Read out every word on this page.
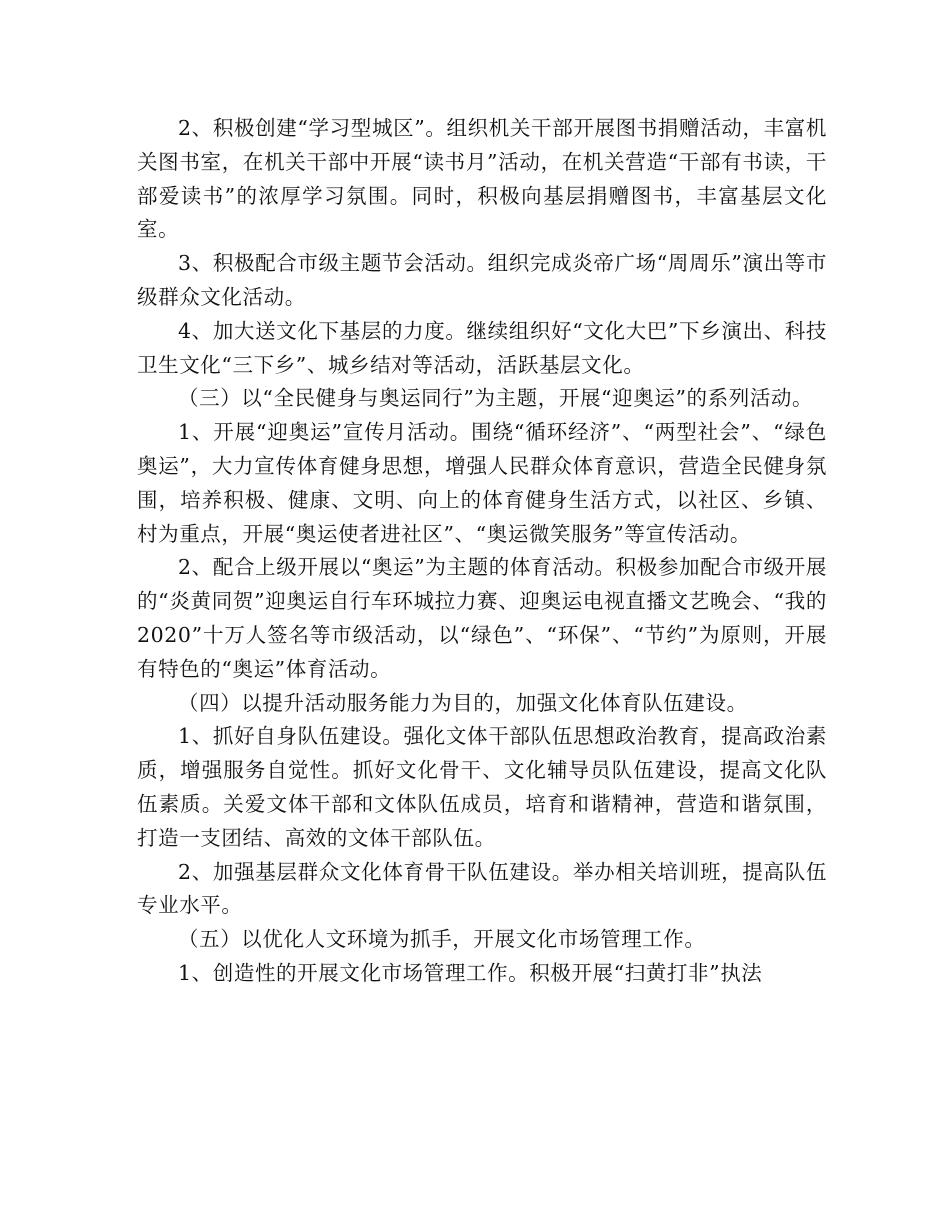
2、积极创建“学习型城区”。组织机关干部开展图书捐赠活动，丰富机关图书室，在机关干部中开展“读书月”活动，在机关营造“干部有书读，干部爱读书”的浓厚学习氛围。同时，积极向基层捐赠图书，丰富基层文化室。

3、积极配合市级主题节会活动。组织完成炎帝广场“周周乐”演出等市级群众文化活动。

4、加大送文化下基层的力度。继续组织好“文化大巴”下乡演出、科技卫生文化“三下乡”、城乡结对等活动，活跃基层文化。

（三）以“全民健身与奥运同行”为主题，开展“迎奥运”的系列活动。

1、开展“迎奥运”宣传月活动。围绕“循环经济”、“两型社会”、“绿色奥运”，大力宣传体育健身思想，增强人民群众体育意识，营造全民健身氛围，培养积极、健康、文明、向上的体育健身生活方式，以社区、乡镇、村为重点，开展“奥运使者进社区”、“奥运微笑服务”等宣传活动。

2、配合上级开展以“奥运”为主题的体育活动。积极参加配合市级开展的“炎黄同贺”迎奥运自行车环城拉力赛、迎奥运电视直播文艺晚会、“我的2020”十万人签名等市级活动，以“绿色”、“环保”、“节约”为原则，开展有特色的“奥运”体育活动。

（四）以提升活动服务能力为目的，加强文化体育队伍建设。

1、抓好自身队伍建设。强化文体干部队伍思想政治教育，提高政治素质，增强服务自觉性。抓好文化骨干、文化辅导员队伍建设，提高文化队伍素质。关爱文体干部和文体队伍成员，培育和谐精神，营造和谐氛围，打造一支团结、高效的文体干部队伍。

2、加强基层群众文化体育骨干队伍建设。举办相关培训班，提高队伍专业水平。

（五）以优化人文环境为抓手，开展文化市场管理工作。

1、创造性的开展文化市场管理工作。积极开展“扫黄打非”执法
